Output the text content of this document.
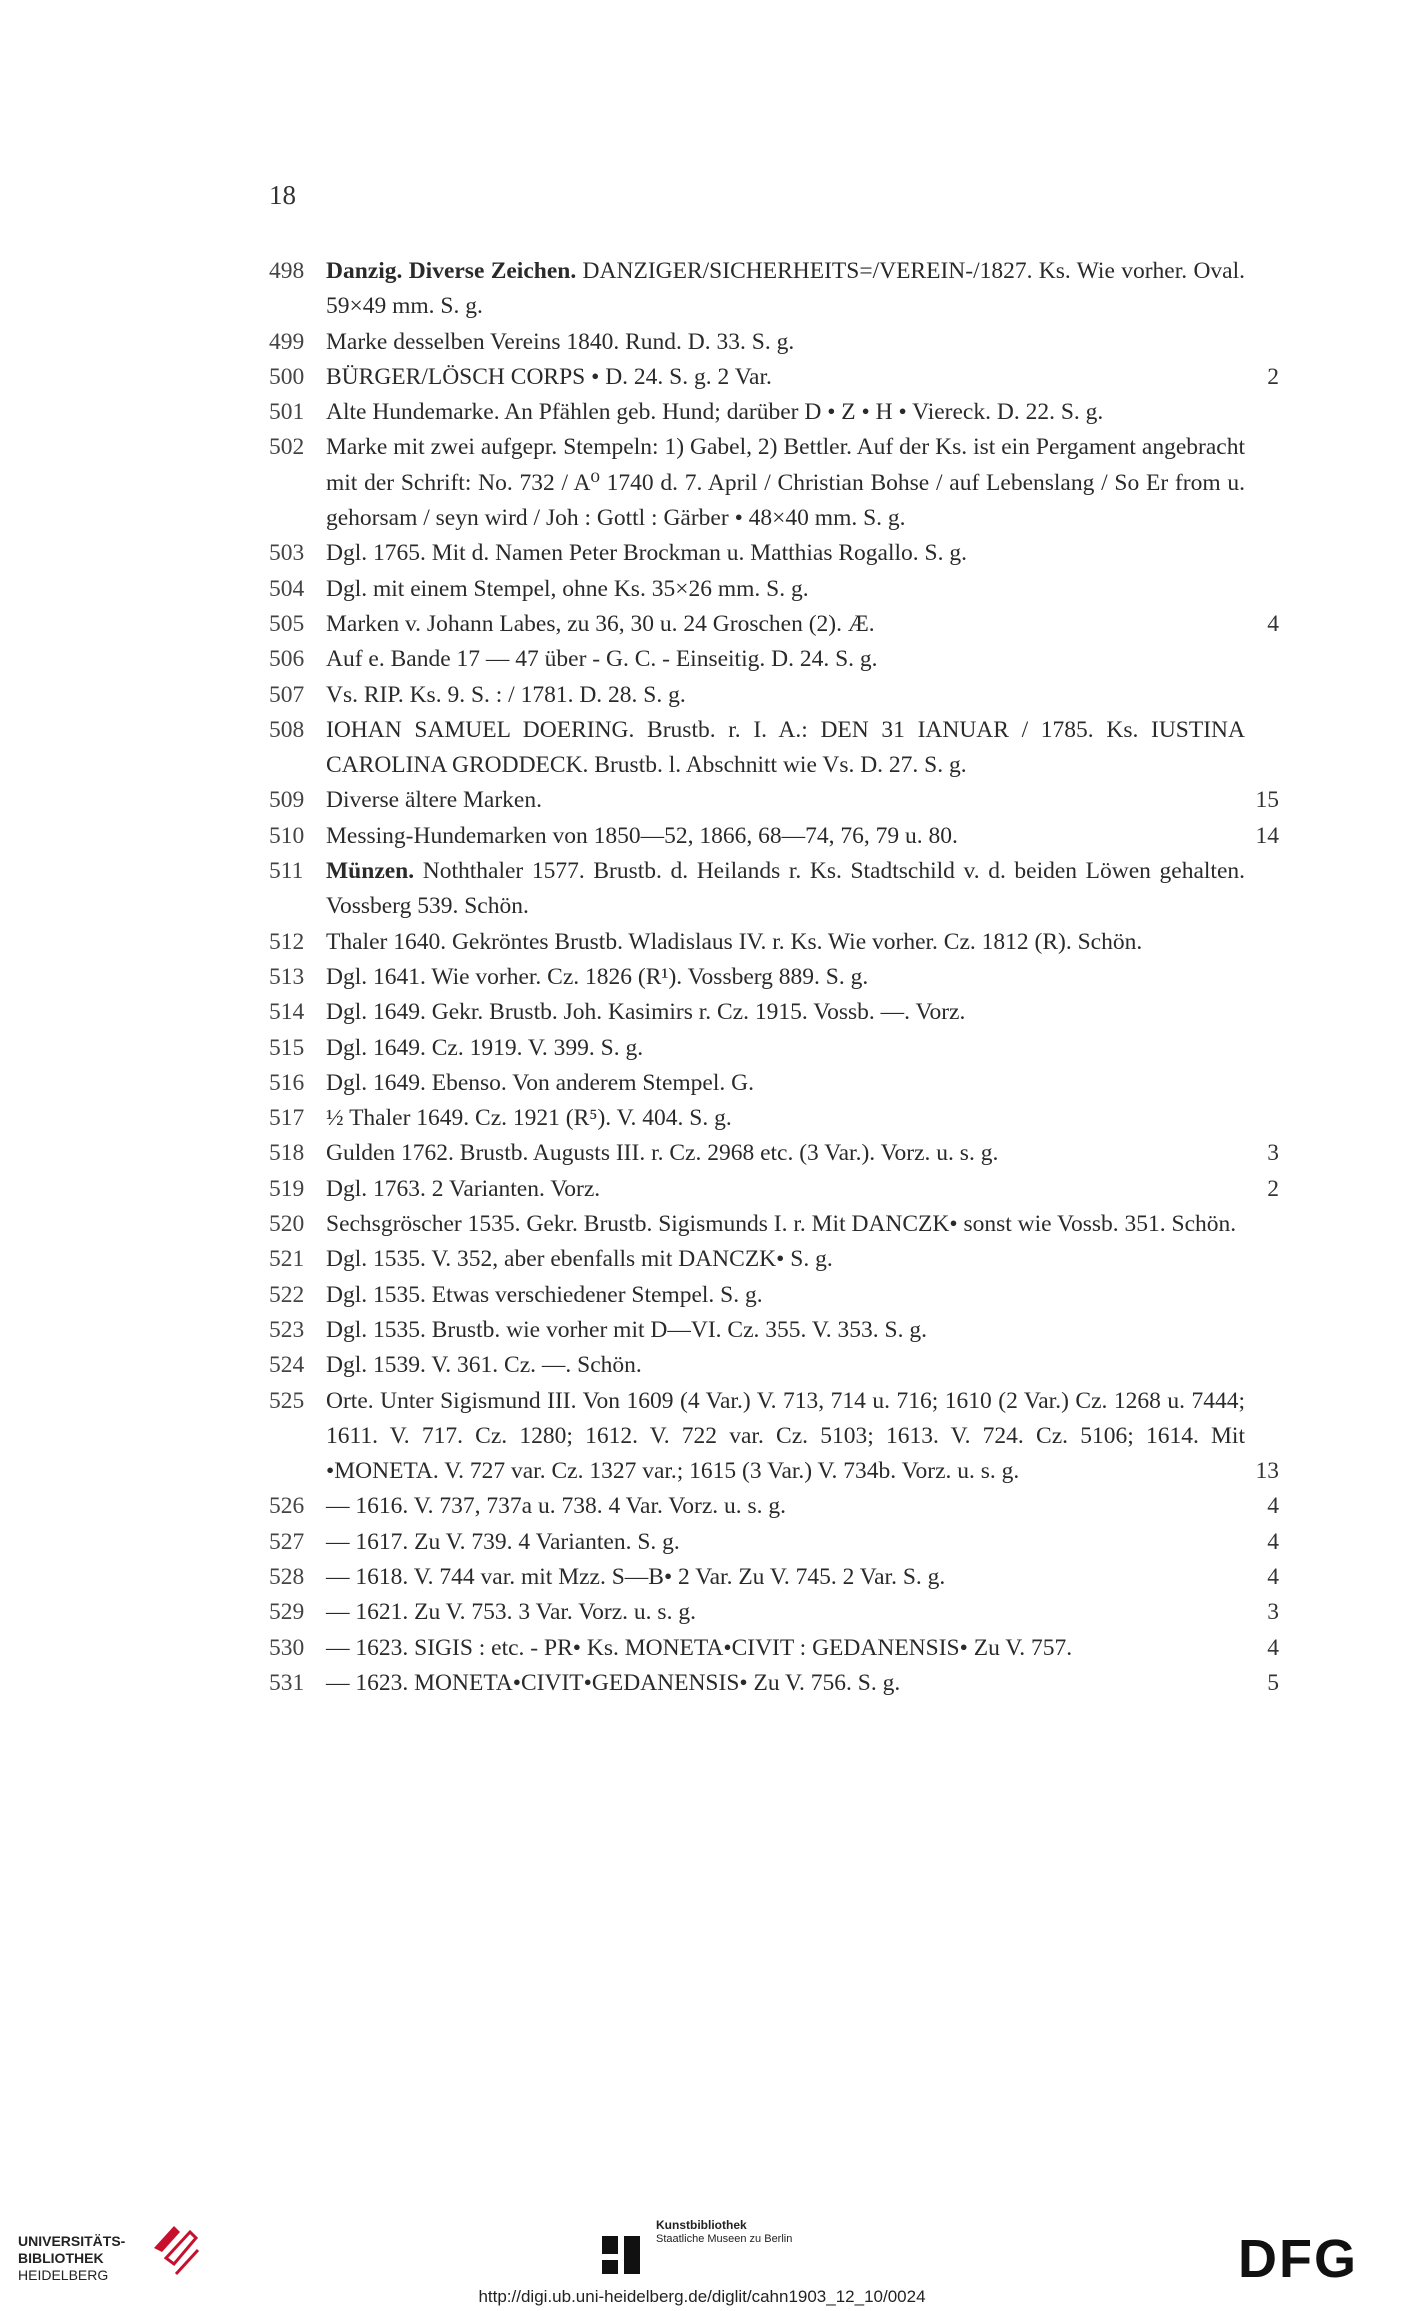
18
498 Danzig. Diverse Zeichen. DANZIGER/SICHERHEITS=/VEREIN-/1827. Ks. Wie vorher. Oval. 59×49 mm. S. g.
499 Marke desselben Vereins 1840. Rund. D. 33. S. g.
500 BÜRGER/LÖSCH CORPS • D. 24. S. g. 2 Var.	2
501 Alte Hundemarke. An Pfählen geb. Hund; darüber D • Z • H • Viereck. D. 22. S. g.
502 Marke mit zwei aufgepr. Stempeln: 1) Gabel, 2) Bettler. Auf der Ks. ist ein Pergament angebracht mit der Schrift: No. 732 / A⁰ 1740 d. 7. April / Christian Bohse / auf Lebenslang / So Er from u. gehorsam / seyn wird / Joh : Gottl : Gärber • 48×40 mm. S. g.
503 Dgl. 1765. Mit d. Namen Peter Brockman u. Matthias Rogallo. S. g.
504 Dgl. mit einem Stempel, ohne Ks. 35×26 mm. S. g.
505 Marken v. Johann Labes, zu 36, 30 u. 24 Groschen (2). Æ.	4
506 Auf e. Bande 17 — 47 über - G. C. - Einseitig. D. 24. S. g.
507 Vs. RIP. Ks. 9. S. : / 1781. D. 28. S. g.
508 IOHAN SAMUEL DOERING. Brustb. r. I. A.: DEN 31 IANUAR / 1785. Ks. IUSTINA CAROLINA GRODDECK. Brustb. l. Abschnitt wie Vs. D. 27. S. g.
509 Diverse ältere Marken.	15
510 Messing-Hundemarken von 1850—52, 1866, 68—74, 76, 79 u. 80.	14
511 Münzen. Noththaler 1577. Brustb. d. Heilands r. Ks. Stadtschild v. d. beiden Löwen gehalten. Vossberg 539. Schön.
512 Thaler 1640. Gekröntes Brustb. Wladislaus IV. r. Ks. Wie vorher. Cz. 1812 (R). Schön.
513 Dgl. 1641. Wie vorher. Cz. 1826 (R¹). Vossberg 889. S. g.
514 Dgl. 1649. Gekr. Brustb. Joh. Kasimirs r. Cz. 1915. Vossb. —. Vorz.
515 Dgl. 1649. Cz. 1919. V. 399. S. g.
516 Dgl. 1649. Ebenso. Von anderem Stempel. G.
517 ½ Thaler 1649. Cz. 1921 (R⁵). V. 404. S. g.
518 Gulden 1762. Brustb. Augusts III. r. Cz. 2968 etc. (3 Var.). Vorz. u. s. g.	3
519 Dgl. 1763. 2 Varianten. Vorz.	2
520 Sechsgröscher 1535. Gekr. Brustb. Sigismunds I. r. Mit DANCZK• sonst wie Vossb. 351. Schön.
521 Dgl. 1535. V. 352, aber ebenfalls mit DANCZK• S. g.
522 Dgl. 1535. Etwas verschiedener Stempel. S. g.
523 Dgl. 1535. Brustb. wie vorher mit D—VI. Cz. 355. V. 353. S. g.
524 Dgl. 1539. V. 361. Cz. —. Schön.
525 Orte. Unter Sigismund III. Von 1609 (4 Var.) V. 713, 714 u. 716; 1610 (2 Var.) Cz. 1268 u. 7444; 1611. V. 717. Cz. 1280; 1612. V. 722 var. Cz. 5103; 1613. V. 724. Cz. 5106; 1614. Mit •MONETA. V. 727 var. Cz. 1327 var.; 1615 (3 Var.) V. 734b. Vorz. u. s. g.	13
526 — 1616. V. 737, 737a u. 738. 4 Var. Vorz. u. s. g.	4
527 — 1617. Zu V. 739. 4 Varianten. S. g.	4
528 — 1618. V. 744 var. mit Mzz. S—B• 2 Var. Zu V. 745. 2 Var. S. g.	4
529 — 1621. Zu V. 753. 3 Var. Vorz. u. s. g.	3
530 — 1623. SIGIS : etc. - PR• Ks. MONETA•CIVIT : GEDANENSIS• Zu V. 757.	4
531 — 1623. MONETA•CIVIT•GEDANENSIS• Zu V. 756. S. g.	5
UNIVERSITÄTS-
BIBLIOTHEK
HEIDELBERG
Kunstbibliothek
Staatliche Museen zu Berlin	DFG
http://digi.ub.uni-heidelberg.de/diglit/cahn1903_12_10/0024
